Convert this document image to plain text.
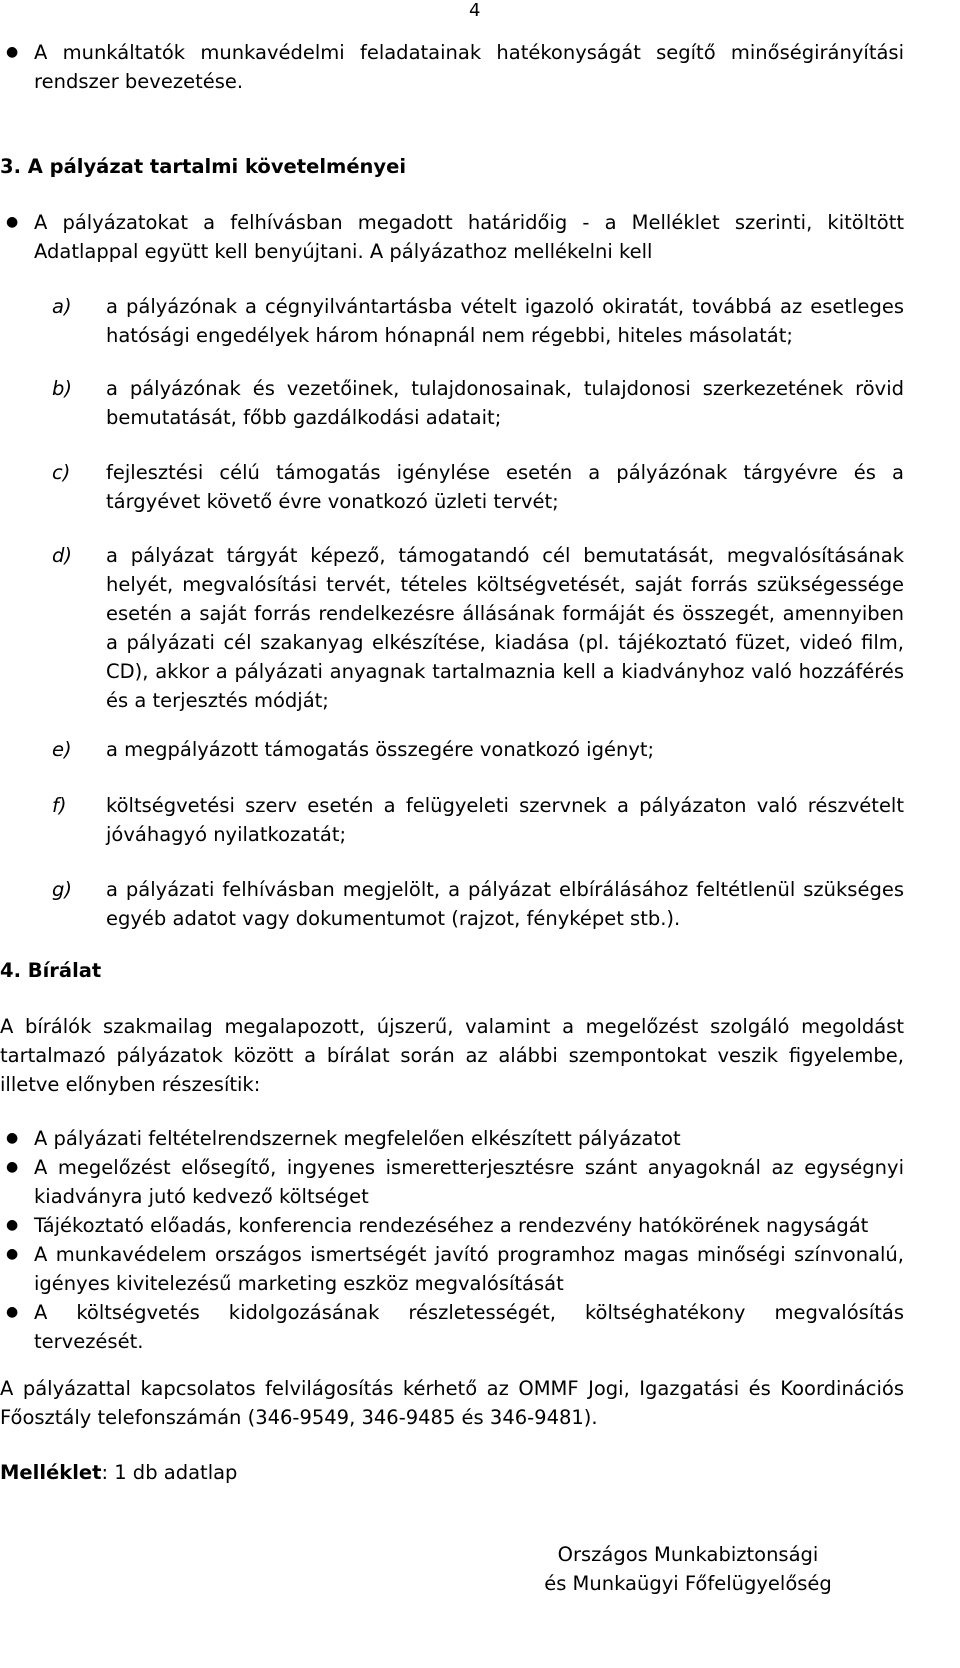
4
● A munkáltatók munkavédelmi feladatainak hatékonyságát segítő minőségirányítási rendszer bevezetése.
3. A pályázat tartalmi követelményei
● A pályázatokat a felhívásban megadott határidőig - a Melléklet szerinti, kitöltött Adatlappal együtt kell benyújtani. A pályázathoz mellékelni kell
a) a pályázónak a cégnyilvántartásba vételt igazoló okiratát, továbbá az esetleges hatósági engedélyek három hónapnál nem régebbi, hiteles másolatát;
b) a pályázónak és vezetőinek, tulajdonosainak, tulajdonosi szerkezetének rövid bemutatását, főbb gazdálkodási adatait;
c) fejlesztési célú támogatás igénylése esetén a pályázónak tárgyévre és a tárgyévet követő évre vonatkozó üzleti tervét;
d) a pályázat tárgyát képező, támogatandó cél bemutatását, megvalósításának helyét, megvalósítási tervét, tételes költségvetését, saját forrás szükségessége esetén a saját forrás rendelkezésre állásának formáját és összegét, amennyiben a pályázati cél szakanyag elkészítése, kiadása (pl. tájékoztató füzet, videó film, CD), akkor a pályázati anyagnak tartalmaznia kell a kiadványhoz való hozzáférés és a terjesztés módját;
e) a megpályázott támogatás összegére vonatkozó igényt;
f) költségvetési szerv esetén a felügyeleti szervnek a pályázaton való részvételt jóváhagyó nyilatkozatát;
g) a pályázati felhívásban megjelölt, a pályázat elbírálásához feltétlenül szükséges egyéb adatot vagy dokumentumot (rajzot, fényképet stb.).
4. Bírálat
A bírálók szakmailag megalapozott, újszerű, valamint a megelőzést szolgáló megoldást tartalmazó pályázatok között a bírálat során az alábbi szempontokat veszik figyelembe, illetve előnyben részesítik:
● A pályázati feltételrendszernek megfelelően elkészített pályázatot
● A megelőzést elősegítő, ingyenes ismeretterjesztésre szánt anyagoknál az egységnyi kiadványra jutó kedvező költséget
● Tájékoztató előadás, konferencia rendezéséhez a rendezvény hatókörének nagyságát
● A munkavédelem országos ismertségét javító programhoz magas minőségi színvonalú, igényes kivitelezésű marketing eszköz megvalósítását
● A költségvetés kidolgozásának részletességét, költséghatékony megvalósítás tervezését.
A pályázattal kapcsolatos felvilágosítás kérhető az OMMF Jogi, Igazgatási és Koordinációs Főosztály telefonszámán (346-9549, 346-9485 és 346-9481).
Melléklet: 1 db adatlap
Országos Munkabiztonsági
és Munkaügyi Főfelügyelőség
